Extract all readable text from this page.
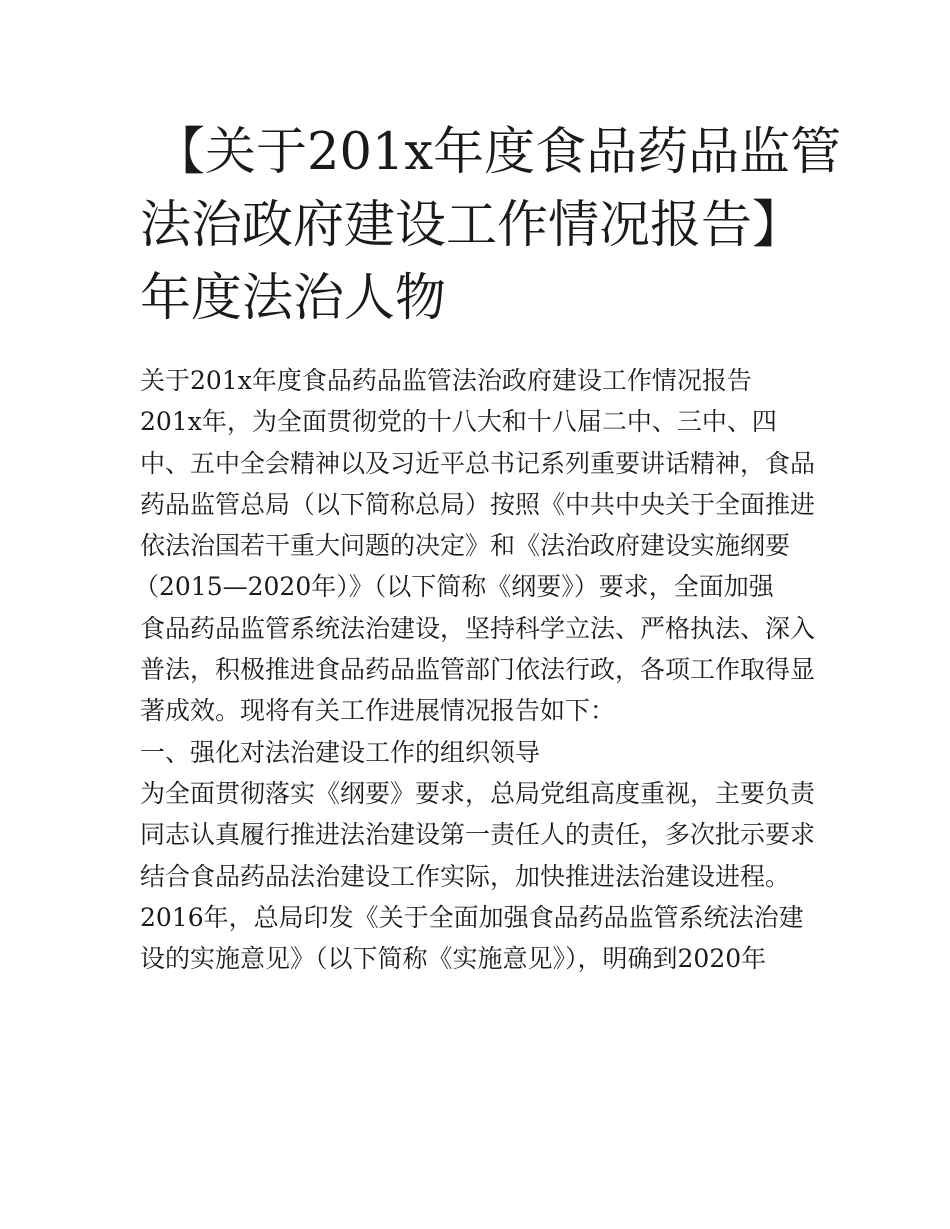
【关于201x年度食品药品监管
法治政府建设工作情况报告】
年度法治人物
关于201x年度食品药品监管法治政府建设工作情况报告
201x年，为全面贯彻党的十八大和十八届二中、三中、四
中、五中全会精神以及习近平总书记系列重要讲话精神，食品
药品监管总局（以下简称总局）按照《中共中央关于全面推进
依法治国若干重大问题的决定》和《法治政府建设实施纲要
（2015—2020年）》（以下简称《纲要》）要求，全面加强
食品药品监管系统法治建设，坚持科学立法、严格执法、深入
普法，积极推进食品药品监管部门依法行政，各项工作取得显
著成效。现将有关工作进展情况报告如下：
一、强化对法治建设工作的组织领导
为全面贯彻落实《纲要》要求，总局党组高度重视，主要负责
同志认真履行推进法治建设第一责任人的责任，多次批示要求
结合食品药品法治建设工作实际，加快推进法治建设进程。
2016年，总局印发《关于全面加强食品药品监管系统法治建
设的实施意见》（以下简称《实施意见》），明确到2020年
